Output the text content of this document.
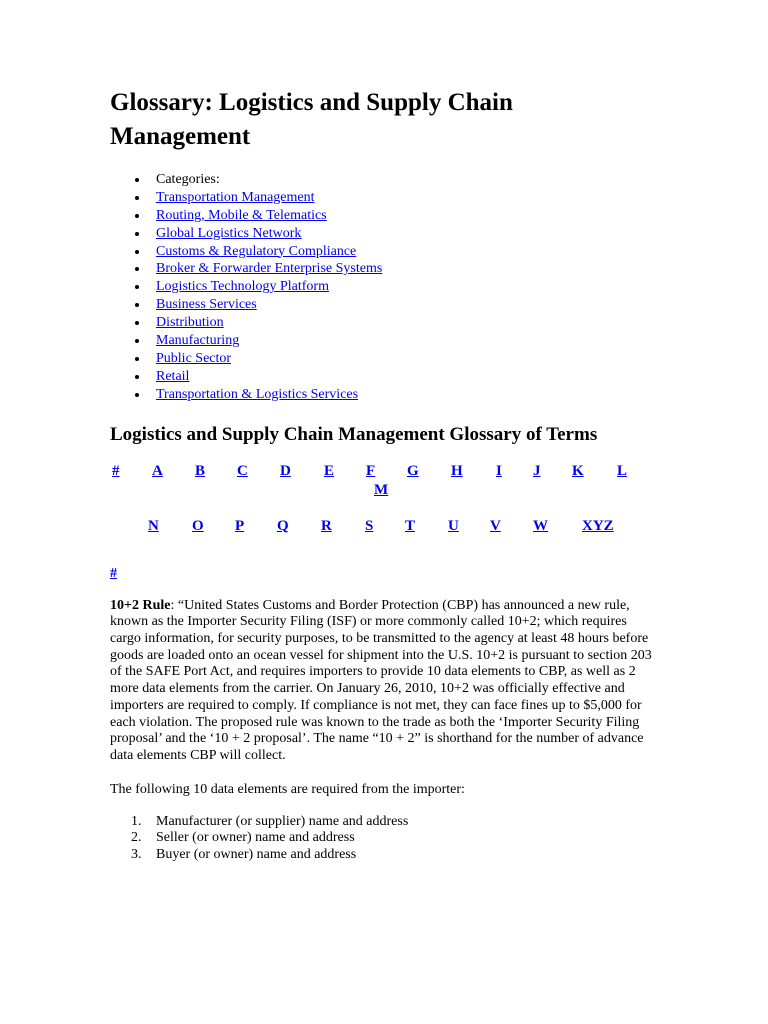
Glossary: Logistics and Supply Chain Management
Categories:
Transportation Management
Routing, Mobile & Telematics
Global Logistics Network
Customs & Regulatory Compliance
Broker & Forwarder Enterprise Systems
Logistics Technology Platform
Business Services
Distribution
Manufacturing
Public Sector
Retail
Transportation & Logistics Services
Logistics and Supply Chain Management Glossary of Terms
# A B C D E F G H I J K L
M
N O P Q R S T U V W XYZ
#

10+2 Rule: “United States Customs and Border Protection (CBP) has announced a new rule, known as the Importer Security Filing (ISF) or more commonly called 10+2; which requires cargo information, for security purposes, to be transmitted to the agency at least 48 hours before goods are loaded onto an ocean vessel for shipment into the U.S. 10+2 is pursuant to section 203 of the SAFE Port Act, and requires importers to provide 10 data elements to CBP, as well as 2 more data elements from the carrier. On January 26, 2010, 10+2 was officially effective and importers are required to comply. If compliance is not met, they can face fines up to $5,000 for each violation. The proposed rule was known to the trade as both the ‘Importer Security Filing proposal’ and the ‘10 + 2 proposal’. The name “10 + 2” is shorthand for the number of advance data elements CBP will collect.

The following 10 data elements are required from the importer:

1. Manufacturer (or supplier) name and address
2. Seller (or owner) name and address
3. Buyer (or owner) name and address
